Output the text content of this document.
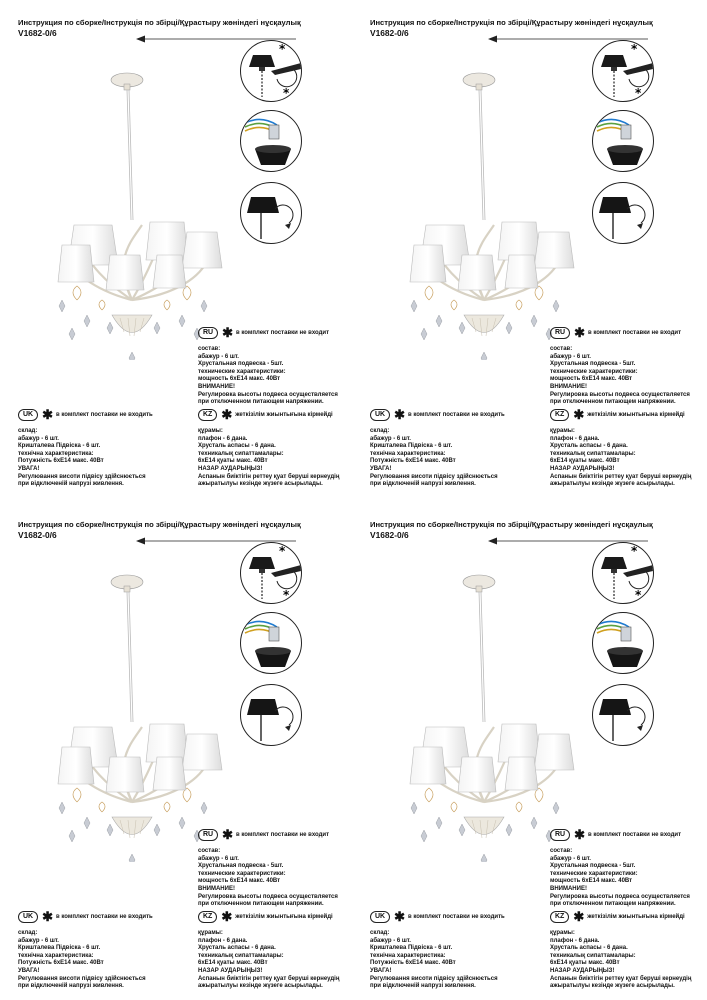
Инструкция по сборке/Інструкція по збірці/Құрастыру жөніндегі нұсқаулық
V1682-0/6
*
*
RU ✱ в комплект поставки не входит
состав:
абажур - 6 шт.
Хрустальная подвеска - 5шт.
технические характеристики:
мощность 6хЕ14 макс. 40Вт
ВНИМАНИЕ!
Регулировка высоты подвеса осуществляется
при отключенном питающем напряжении.
UK ✱ в комплект поставки не входить
склад:
абажур - 6 шт.
Кришталева Підвіска - 6 шт.
технічна характеристика:
Потужність 6хЕ14 макс. 40Вт
УВАГА!
Регулювання висоти підвісу здійснюється
при відключеній напрузі живлення.
KZ ✱ жеткізілім жиынтығына кірмейді
құрамы:
плафон - 6 дана.
Хрусталь аспасы - 6 дана.
техникалық сипаттамалары:
6хЕ14 қуаты макс. 40Вт
НАЗАР АУДАРЫҢЫЗ!
Аспанын биіктігін реттеу қуат беруші кернеудің
ажыратылуы кезінде жүзеге асырылады.
Инструкция по сборке/Інструкція по збірці/Құрастыру жөніндегі нұсқаулық
V1682-0/6
*
*
RU ✱ в комплект поставки не входит
состав:
абажур - 6 шт.
Хрустальная подвеска - 5шт.
технические характеристики:
мощность 6хЕ14 макс. 40Вт
ВНИМАНИЕ!
Регулировка высоты подвеса осуществляется
при отключенном питающем напряжении.
UK ✱ в комплект поставки не входить
склад:
абажур - 6 шт.
Кришталева Підвіска - 6 шт.
технічна характеристика:
Потужність 6хЕ14 макс. 40Вт
УВАГА!
Регулювання висоти підвісу здійснюється
при відключеній напрузі живлення.
KZ ✱ жеткізілім жиынтығына кірмейді
құрамы:
плафон - 6 дана.
Хрусталь аспасы - 6 дана.
техникалық сипаттамалары:
6хЕ14 қуаты макс. 40Вт
НАЗАР АУДАРЫҢЫЗ!
Аспанын биіктігін реттеу қуат беруші кернеудің
ажыратылуы кезінде жүзеге асырылады.
Инструкция по сборке/Інструкція по збірці/Құрастыру жөніндегі нұсқаулық
V1682-0/6
*
*
RU ✱ в комплект поставки не входит
состав:
абажур - 6 шт.
Хрустальная подвеска - 5шт.
технические характеристики:
мощность 6хЕ14 макс. 40Вт
ВНИМАНИЕ!
Регулировка высоты подвеса осуществляется
при отключенном питающем напряжении.
UK ✱ в комплект поставки не входить
склад:
абажур - 6 шт.
Кришталева Підвіска - 6 шт.
технічна характеристика:
Потужність 6хЕ14 макс. 40Вт
УВАГА!
Регулювання висоти підвісу здійснюється
при відключеній напрузі живлення.
KZ ✱ жеткізілім жиынтығына кірмейді
құрамы:
плафон - 6 дана.
Хрусталь аспасы - 6 дана.
техникалық сипаттамалары:
6хЕ14 қуаты макс. 40Вт
НАЗАР АУДАРЫҢЫЗ!
Аспанын биіктігін реттеу қуат беруші кернеудің
ажыратылуы кезінде жүзеге асырылады.
Инструкция по сборке/Інструкція по збірці/Құрастыру жөніндегі нұсқаулық
V1682-0/6
*
*
RU ✱ в комплект поставки не входит
состав:
абажур - 6 шт.
Хрустальная подвеска - 5шт.
технические характеристики:
мощность 6хЕ14 макс. 40Вт
ВНИМАНИЕ!
Регулировка высоты подвеса осуществляется
при отключенном питающем напряжении.
UK ✱ в комплект поставки не входить
склад:
абажур - 6 шт.
Кришталева Підвіска - 6 шт.
технічна характеристика:
Потужність 6хЕ14 макс. 40Вт
УВАГА!
Регулювання висоти підвісу здійснюється
при відключеній напрузі живлення.
KZ ✱ жеткізілім жиынтығына кірмейді
құрамы:
плафон - 6 дана.
Хрусталь аспасы - 6 дана.
техникалық сипаттамалары:
6хЕ14 қуаты макс. 40Вт
НАЗАР АУДАРЫҢЫЗ!
Аспанын биіктігін реттеу қуат беруші кернеудің
ажыратылуы кезінде жүзеге асырылады.
